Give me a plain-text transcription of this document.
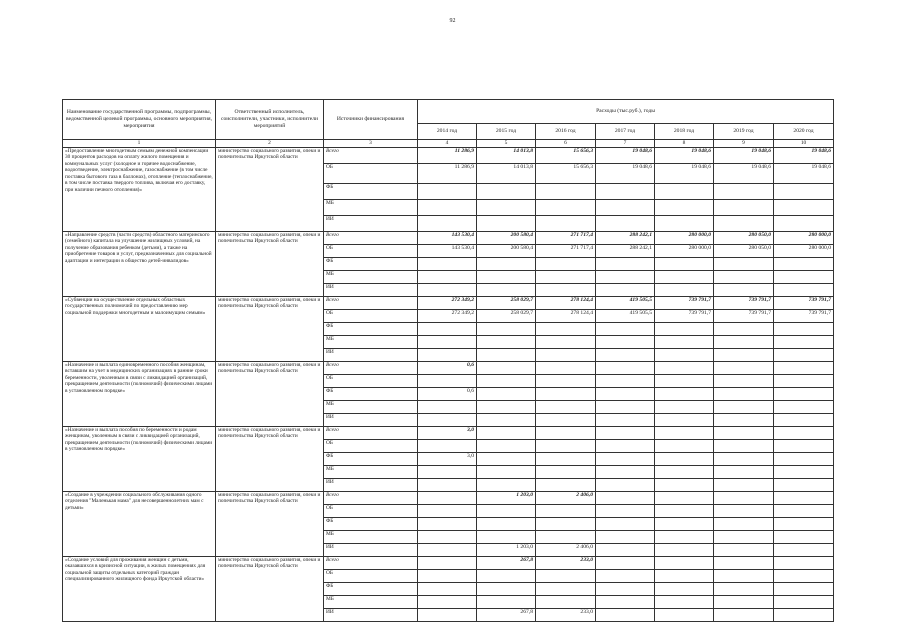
92
Наименование государственной программы, подпрограммы, ведомственной целевой программы, основного мероприятия, мероприятия	Ответственный исполнитель, соисполнители, участники, исполнители мероприятий	Источники финансирования	Расходы (тыс.руб.), годы						
			2014 год	2015 год	2016 год	2017 год	2018 год	2019 год	2020 год
1	2	3	4	5	6	7	8	9	10
«Предоставление многодетным семьям денежной компенсации 30 процентов расходов на оплату жилого помещения и коммунальных услуг (холодное и горячее водоснабжение, водоотведение, электроснабжение, газоснабжение (в том числе поставка бытового газа в баллонах), отопление (теплоснабжение, в том числе поставка твердого топлива, включая его доставку, при наличии печного отопления)»	министерство социального развития, опеки и попечительства Иркутской области	Всего	11 286,9	14 013,8	15 656,3	19 048,6	19 048,6	19 048,6	19 048,6
		ОБ	11 286,9	14 013,8	15 656,3	19 048,6	19 048,6	19 048,6	19 048,6
		ФБ							
		МБ							
		ИИ							
«Направление средств (части средств) областного материнского (семейного) капитала на улучшение жилищных условий, на получение образования ребенком (детьми), а также на приобретение товаров и услуг, предназначенных для социальной адаптации и интеграции в общество детей-инвалидов»	министерство социального развития, опеки и попечительства Иркутской области	Всего	143 530,4	200 580,4	271 717,4	288 242,1	280 000,0	280 050,0	280 000,0
		ОБ	143 530,4	200 580,4	271 717,4	288 242,1	280 000,0	280 050,0	280 000,0
		ФБ							
		МБ							
		ИИ							
«Субвенции на осуществление отдельных областных государственных полномочий по предоставлению мер социальной поддержки многодетным и малоимущим семьям»	министерство социального развития, опеки и попечительства Иркутской области	Всего	272 349,2	258 029,7	278 124,4	419 505,5	739 791,7	739 791,7	739 791,7
		ОБ	272 349,2	258 029,7	278 124,4	419 505,5	739 791,7	739 791,7	739 791,7
		ФБ							
		МБ							
		ИИ							
«Назначение и выплата единовременного пособия женщинам, вставшим на учет в медицинских организациях в ранние сроки беременности, уволенным в связи с ликвидацией организаций, прекращением деятельности (полномочий) физическими лицами в установленном порядке»	министерство социального развития, опеки и попечительства Иркутской области	Всего	0,6						
		ОБ							
		ФБ	0,6						
		МБ							
		ИИ							
«Назначение и выплата пособия по беременности и родам женщинам, уволенным в связи с ликвидацией организаций, прекращением деятельности (полномочий) физическими лицами в установленном порядке»	министерство социального развития, опеки и попечительства Иркутской области	Всего	3,0						
		ОБ							
		ФБ	3,0						
		МБ							
		ИИ							
«Создание в учреждении социального обслуживания одного отделения "Маленькая мама" для несовершеннолетних мам с детьми»	министерство социального развития, опеки и попечительства Иркутской области	Всего		1 203,0	2 406,0				
		ОБ							
		ФБ							
		МБ							
		ИИ		1 203,0	2 406,0				
«Создание условий для проживания женщин с детьми, оказавшихся в кризисной ситуации, в жилых помещениях для социальной защиты отдельных категорий граждан специализированного жилищного фонда Иркутской области»	министерство социального развития, опеки и попечительства Иркутской области	Всего		267,8	233,0				
		ОБ							
		ФБ							
		МБ							
		ИИ		267,8	233,0				
